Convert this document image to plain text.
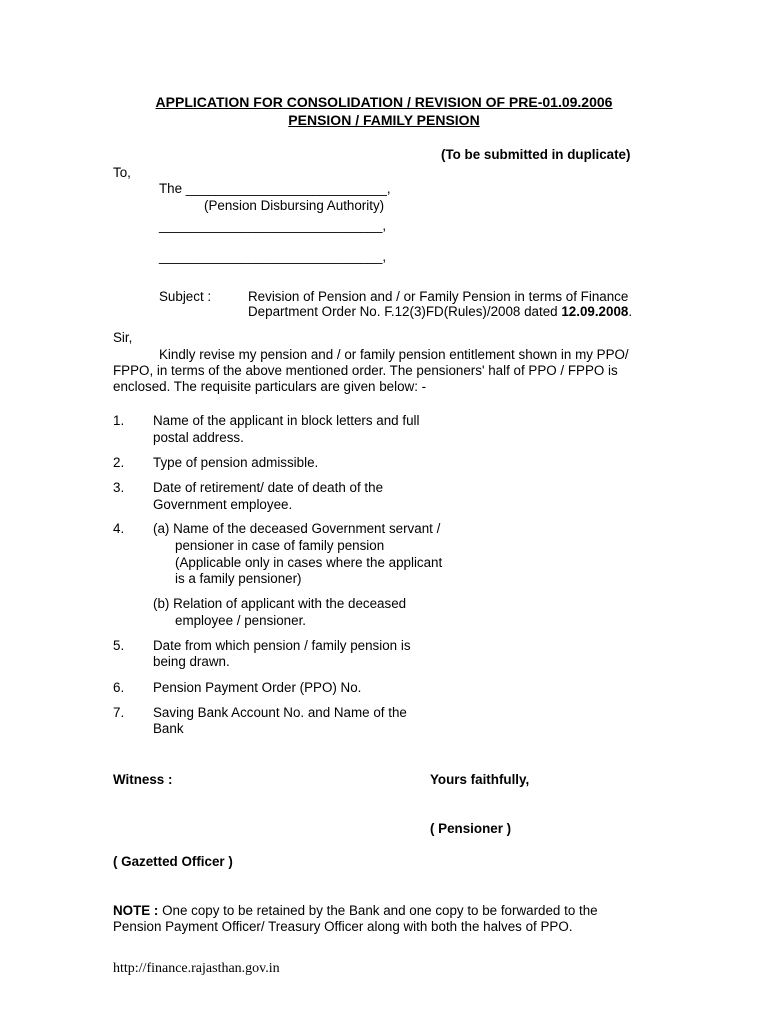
APPLICATION FOR CONSOLIDATION / REVISION OF PRE-01.09.2006
PENSION / FAMILY PENSION
(To be submitted in duplicate)
To,
The ___________________________,
(Pension Disbursing Authority)
______________________________,
______________________________,
Subject :	Revision of Pension and / or Family Pension in terms of Finance
Department Order No. F.12(3)FD(Rules)/2008 dated 12.09.2008.
Sir,
Kindly revise my pension and / or family pension entitlement shown in my PPO/
FPPO, in terms of the above mentioned order. The pensioners' half of PPO / FPPO is
enclosed. The requisite particulars are given below: -
1. Name of the applicant in block letters and full
postal address.
2. Type of pension admissible.
3. Date of retirement/ date of death of the
Government employee.
4. (a) Name of the deceased Government servant /
pensioner in case of family pension
(Applicable only in cases where the applicant
is a family pensioner)
(b) Relation of applicant with the deceased
employee / pensioner.
5. Date from which pension / family pension is
being drawn.
6. Pension Payment Order (PPO) No.
7. Saving Bank Account No. and Name of the
Bank
Witness :	Yours faithfully,
( Pensioner )
( Gazetted Officer )
NOTE : One copy to be retained by the Bank and one copy to be forwarded to the
Pension Payment Officer/ Treasury Officer along with both the halves of PPO.
http://finance.rajasthan.gov.in
